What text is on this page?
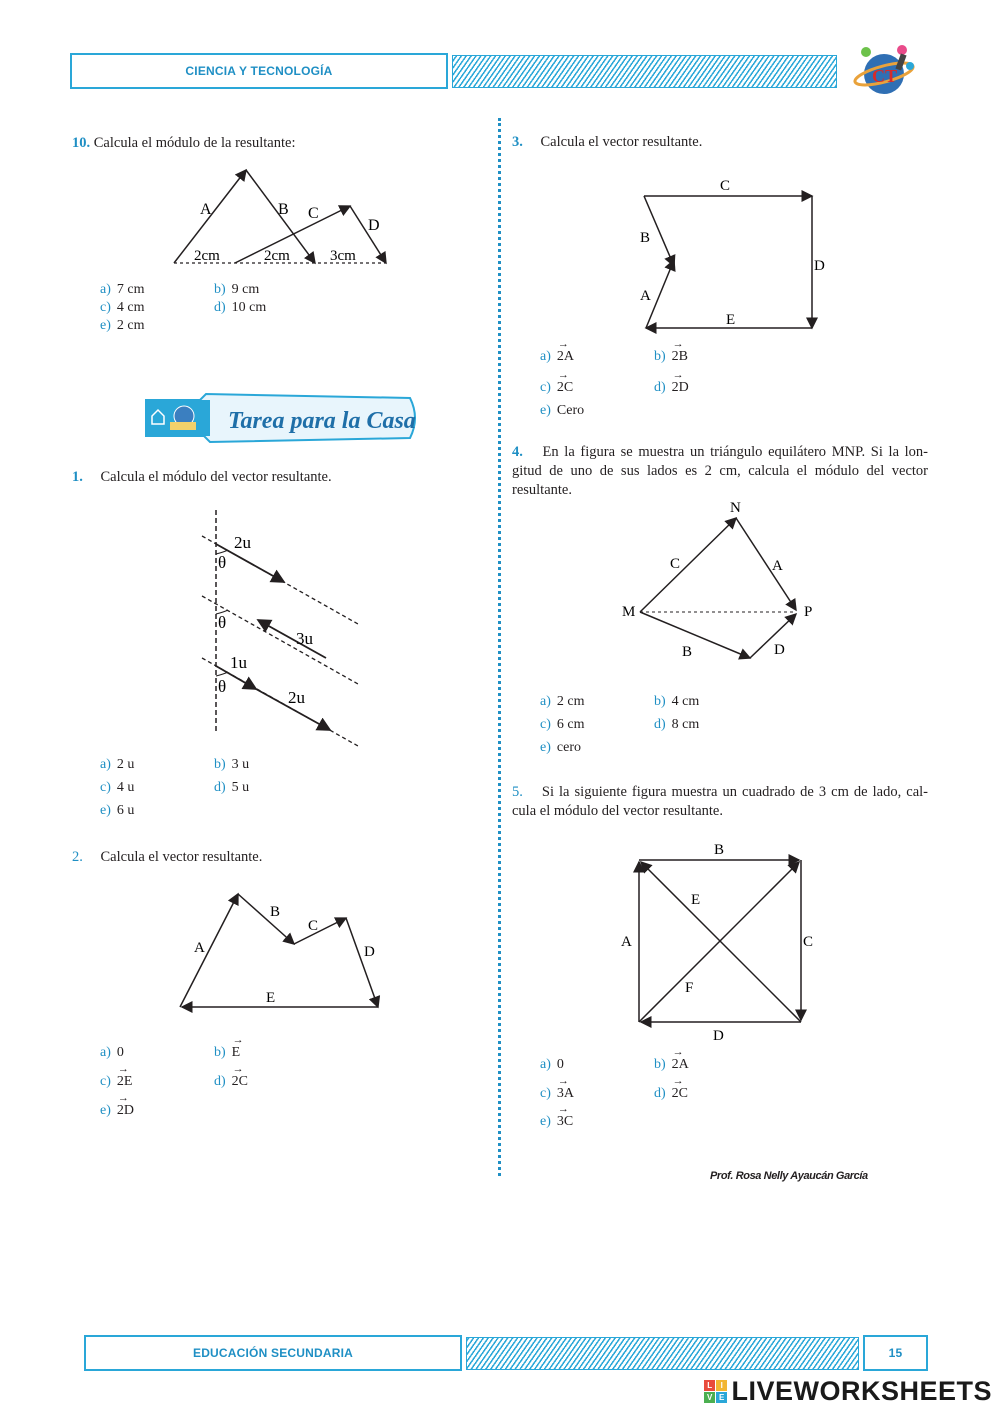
CIENCIA Y TECNOLOGÍA	CT
10. Calcula el módulo de la resultante:
A	B C
D
2cm	2cm	3cm
a) 7 cm	b) 9 cm
c) 4 cm	d) 10 cm
e) 2 cm
Tarea para la Casa
1. Calcula el módulo del vector resultante.
2u
θ
θ
3u
1u
θ
2u
a) 2 u	b) 3 u
c) 4 u	d) 5 u
e) 6 u
2. Calcula el vector resultante.
A
B
C
D
E
a) 0	b) → E
c) → 2E	d) → 2C
e) → 2D
3. Calcula el vector resultante.
C
B
D
A
E
a) → 2A	b) → 2B
c) → 2C	d) → 2D
e) Cero
4. En la figura se muestra un triángulo equilátero MNP. Si la lon-gitud de uno de sus lados es 2 cm, calcula el módulo del vector resultante.
N
M	P
C	A
B	D
a) 2 cm	b) 4 cm
c) 6 cm	d) 8 cm
e) cero
5. Si la siguiente figura muestra un cuadrado de 3 cm de lado, cal-cula el módulo del vector resultante.
B
A	C
D
E
F
a) 0	b) → 2A
c) → 3A	d) → 2C
e) → 3C
Prof. Rosa Nelly Ayaucán García
EDUCACIÓN SECUNDARIA	15
L I
V E LIVEWORKSHEETS
